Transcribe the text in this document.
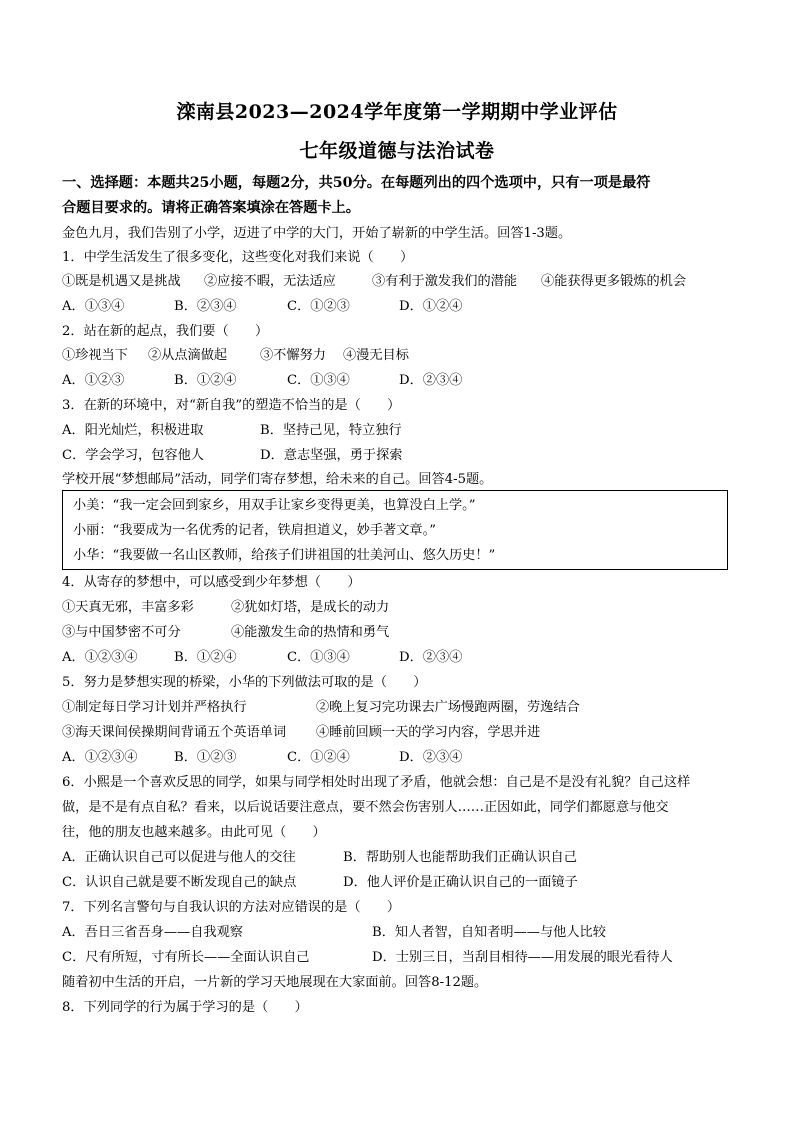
滦南县2023—2024学年度第一学期期中学业评估
七年级道德与法治试卷
一、选择题：本题共25小题，每题2分，共50分。在每题列出的四个选项中，只有一项是最符
合题目要求的。请将正确答案填涂在答题卡上。
金色九月，我们告别了小学，迈进了中学的大门，开始了崭新的中学生活。回答1-3题。
1．中学生活发生了很多变化，这些变化对我们来说（　　）
①既是机遇又是挑战 ②应接不暇，无法适应	③有利于激发我们的潜能 ④能获得更多锻炼的机会
A．①③④	B．②③④	C．①②③	D．①②④
2．站在新的起点，我们要（　　）
①珍视当下 ②从点滴做起 ③不懈努力 ④漫无目标
A．①②③	B．①②④	C．①③④	D．②③④
3．在新的环境中，对“新自我”的塑造不恰当的是（　　）
A．阳光灿烂，积极进取	B．坚持己见，特立独行
C．学会学习，包容他人	D．意志坚强，勇于探索
学校开展“梦想邮局”活动，同学们寄存梦想，给未来的自己。回答4-5题。
小美：“我一定会回到家乡，用双手让家乡变得更美，也算没白上学。”
小丽：“我要成为一名优秀的记者，铁肩担道义，妙手著文章。”
小华：“我要做一名山区教师，给孩子们讲祖国的壮美河山、悠久历史！”
4．从寄存的梦想中，可以感受到少年梦想（　　）
①天真无邪，丰富多彩	②犹如灯塔，是成长的动力
③与中国梦密不可分	④能激发生命的热情和勇气
A．①②③④	B．①②④	C．①③④	D．②③④
5．努力是梦想实现的桥梁，小华的下列做法可取的是（　　）
①制定每日学习计划并严格执行	②晚上复习完功课去广场慢跑两圈，劳逸结合
③海天课间侯操期间背诵五个英语单词 ④睡前回顾一天的学习内容，学思并进
A．①②③④	B．①②③	C．①②④	D．②③④
6．小熙是一个喜欢反思的同学，如果与同学相处时出现了矛盾，他就会想：自己是不是没有礼貌？自己这样
做，是不是有点自私？看来，以后说话要注意点，要不然会伤害别人……正因如此，同学们都愿意与他交
往，他的朋友也越来越多。由此可见（　　）
A．正确认识自己可以促进与他人的交往	B．帮助别人也能帮助我们正确认识自己
C．认识自己就是要不断发现自己的缺点	D．他人评价是正确认识自己的一面镜子
7．下列名言警句与自我认识的方法对应错误的是（　　）
A．吾日三省吾身——自我观察	B．知人者智，自知者明——与他人比较
C．尺有所短，寸有所长——全面认识自己	D．士别三日，当刮目相待——用发展的眼光看待人
随着初中生活的开启，一片新的学习天地展现在大家面前。回答8-12题。
8．下列同学的行为属于学习的是（　　）
